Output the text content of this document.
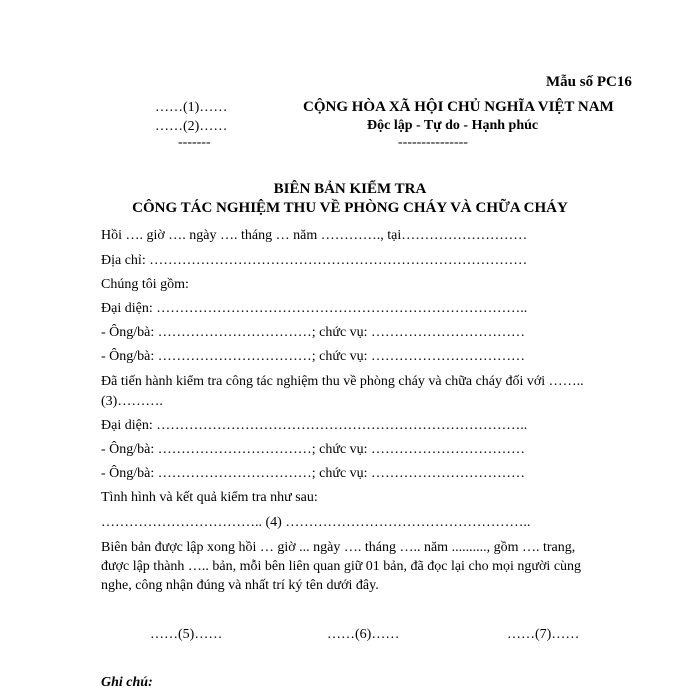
Mẫu số PC16
……(1)……
……(2)……
-------
CỘNG HÒA XÃ HỘI CHỦ NGHĨA VIỆT NAM
Độc lập - Tự do - Hạnh phúc
---------------
BIÊN BẢN KIỂM TRA
CÔNG TÁC NGHIỆM THU VỀ PHÒNG CHÁY VÀ CHỮA CHÁY
Hồi …. giờ …. ngày …. tháng … năm …………., tại………………………
Địa chỉ: ………………………………………………………………………
Chúng tôi gồm:
Đại diện: ……………………………………………………………………..
- Ông/bà: ……………………………; chức vụ: ……………………………
- Ông/bà: ……………………………; chức vụ: ……………………………
Đã tiến hành kiểm tra công tác nghiệm thu về phòng cháy và chữa cháy đối với ……..
(3)……….
Đại diện: ……………………………………………………………………..
- Ông/bà: ……………………………; chức vụ: ……………………………
- Ông/bà: ……………………………; chức vụ: ……………………………
Tình hình và kết quả kiểm tra như sau:
…………………………….. (4) ……………………………………………..
Biên bản được lập xong hồi … giờ ... ngày …. tháng ….. năm .........., gồm …. trang,
được lập thành ….. bản, mỗi bên liên quan giữ 01 bản, đã đọc lại cho mọi người cùng
nghe, công nhận đúng và nhất trí ký tên dưới đây.
……(5)……	……(6)……	……(7)……
Ghi chú:
